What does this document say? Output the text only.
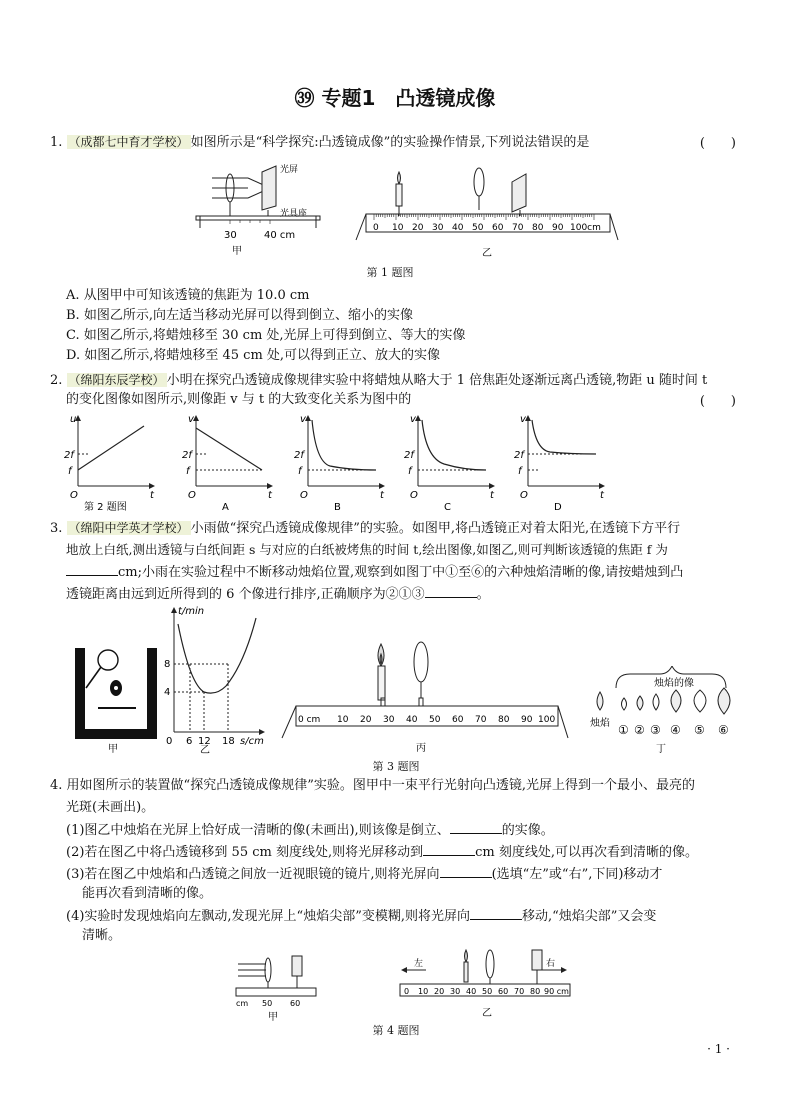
㊴ 专题1　凸透镜成像
1. （成都七中育才学校） 如图所示是“科学探究:凸透镜成像”的实验操作情景,下列说法错误的是	(　　)
光屏
光具座
30	40 cm
甲
0 10 20 30 40 50 60 70 80 90 100cm
乙
第 1 题图
A. 从图甲中可知该透镜的焦距为 10.0 cm
B. 如图乙所示,向左适当移动光屏可以得到倒立、缩小的实像
C. 如图乙所示,将蜡烛移至 30 cm 处,光屏上可得到倒立、等大的实像
D. 如图乙所示,将蜡烛移至 45 cm 处,可以得到正立、放大的实像
2. （绵阳东辰学校） 小明在探究凸透镜成像规律实验中将蜡烛从略大于 1 倍焦距处逐渐远离凸透镜,物距 u 随时间 t
的变化图像如图所示,则像距 v 与 t 的大致变化关系为图中的	(　　)
u
2f
f
O	t
第 2 题图
v
2f
f
O	t
A
v
2f
f
O	t
B
v
2f
f
O	t
C
v
2f
f
O	t
D
3. （绵阳中学英才学校） 小雨做“探究凸透镜成像规律”的实验。如图甲,将凸透镜正对着太阳光,在透镜下方平行
地放上白纸,测出透镜与白纸间距 s 与对应的白纸被烤焦的时间 t,绘出图像,如图乙,则可判断该透镜的焦距 f 为
cm;小雨在实验过程中不断移动烛焰位置,观察到如图丁中①至⑥的六种烛焰清晰的像,请按蜡烛到凸
透镜距离由远到近所得到的 6 个像进行排序,正确顺序为②①③	。
甲
t/min
8
4
0 6 12 18 s/cm
乙
0 cm 10 20 30 40 50 60 70 80 90 100
丙
烛焰的像
烛焰 ① ② ③ ④ ⑤ ⑥
丁
第 3 题图
4. 用如图所示的装置做“探究凸透镜成像规律”实验。图甲中一束平行光射向凸透镜,光屏上得到一个最小、最亮的
光斑(未画出)。
(1)图乙中烛焰在光屏上恰好成一清晰的像(未画出),则该像是倒立、	的实像。
(2)若在图乙中将凸透镜移到 55 cm 刻度线处,则将光屏移动到	cm 刻度线处,可以再次看到清晰的像。
(3)若在图乙中烛焰和凸透镜之间放一近视眼镜的镜片,则将光屏向	(选填“左”或“右”,下同)移动才
能再次看到清晰的像。
(4)实验时发现烛焰向左飘动,发现光屏上“烛焰尖部”变模糊,则将光屏向	移动,“烛焰尖部”又会变
清晰。
cm 50 60
甲
左	右
0 10 20 30 40 50 60 70 80 90 cm
乙
第 4 题图
· 1 ·
